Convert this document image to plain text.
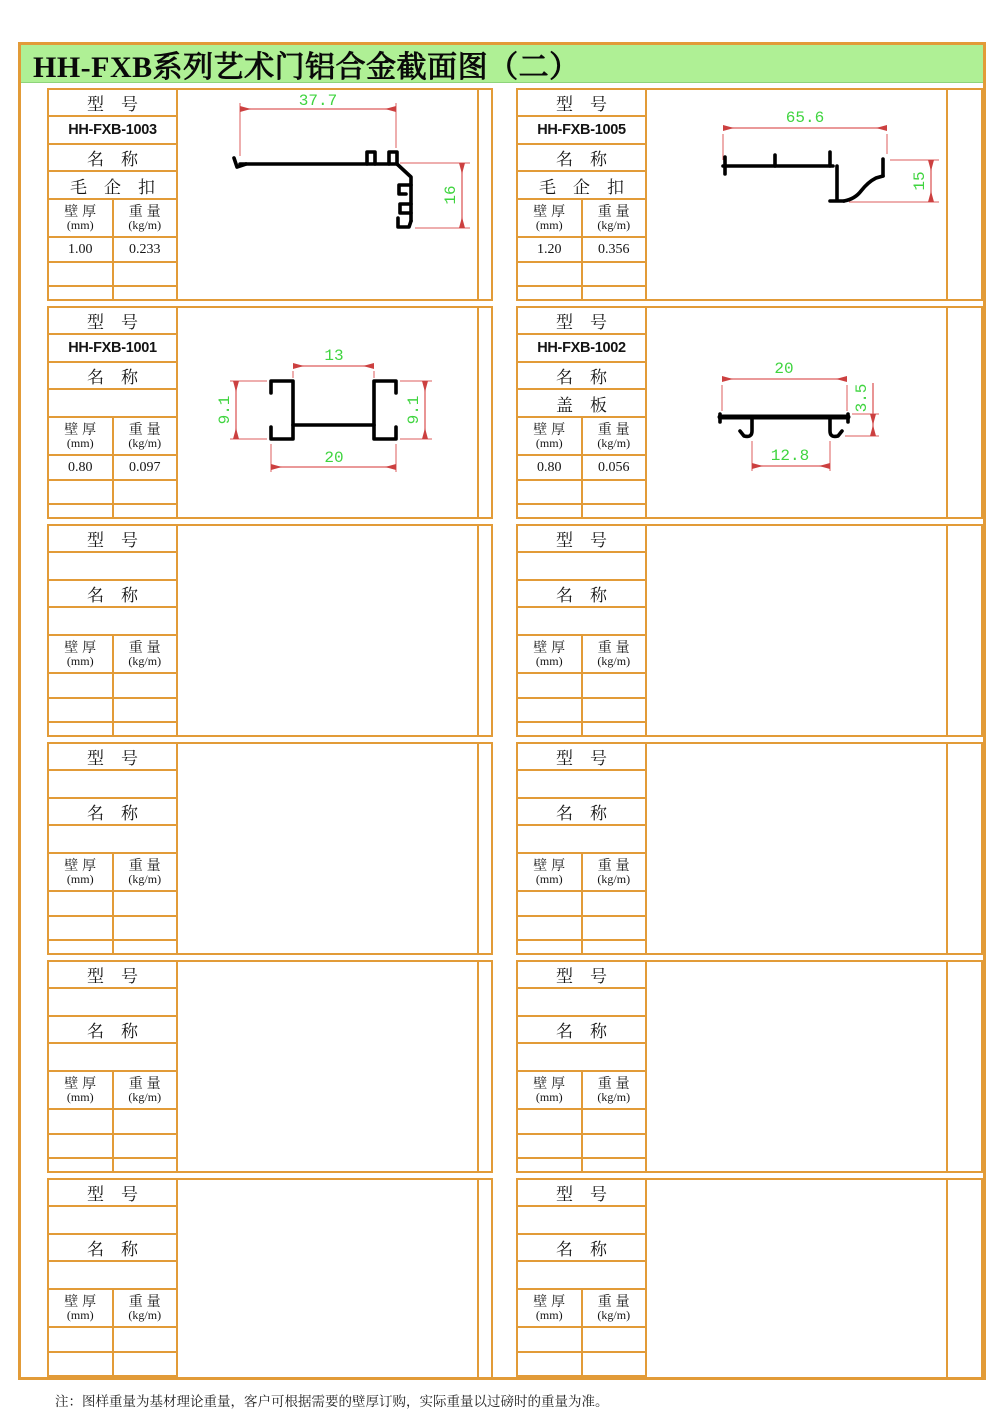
HH-FXB系列艺术门铝合金截面图（二）
型　号	
HH-FXB-1003	
名　称	
毛　企　扣	

壁 厚
(mm)

重 量
(kg/m)

1.00	0.233

37.7
16
型　号	
HH-FXB-1001	
名　称	

壁 厚
(mm)

重 量
(kg/m)

0.80	0.097

13
20
9.1	9.1
型　号	

名　称	

壁 厚
(mm)

重 量
(kg/m)

型　号	

名　称	

壁 厚
(mm)

重 量
(kg/m)

型　号	

名　称	

壁 厚
(mm)

重 量
(kg/m)

型　号	

名　称	

壁 厚
(mm)

重 量
(kg/m)

型　号	
HH-FXB-1005	
名　称	
毛　企　扣	

壁 厚
(mm)

重 量
(kg/m)

1.20	0.356

65.6
15
型　号	
HH-FXB-1002	
名　称	
盖　板	

壁 厚
(mm)

重 量
(kg/m)

0.80	0.056

20
3.5
12.8
型　号	

名　称	

壁 厚
(mm)

重 量
(kg/m)

型　号	

名　称	

壁 厚
(mm)

重 量
(kg/m)

型　号	

名　称	

壁 厚
(mm)

重 量
(kg/m)

型　号	

名　称	

壁 厚
(mm)

重 量
(kg/m)

注：图样重量为基材理论重量，客户可根据需要的壁厚订购，实际重量以过磅时的重量为准。
